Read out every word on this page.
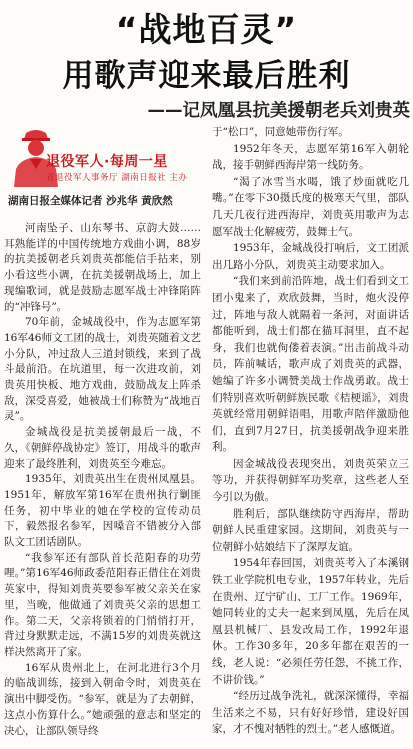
“战地百灵”
用歌声迎来最后胜利
——记凤凰县抗美援朝老兵刘贵英
退役军人·每周一星
省退役军人事务厅 湖南日报社 主办
湖南日报全媒体记者 沙兆华 黄欣然

河南坠子、山东琴书、京韵大鼓……耳熟能详的中国传统地方戏曲小调，88岁的抗美援朝老兵刘贵英都能信手拈来，别小看这些小调，在抗美援朝战场上，加上现编歌词，就是鼓励志愿军战士冲锋陷阵的“冲锋号”。

70年前，金城战役中，作为志愿军第16军46师文工团的战士，刘贵英随着文艺小分队，冲过敌人三道封锁线，来到了战斗最前沿。在坑道里，每一次进攻前，刘贵英用快板、地方戏曲，鼓励战友上阵杀敌，深受喜爱，她被战士们称赞为“战地百灵”。

金城战役是抗美援朝最后一战，不久，《朝鲜停战协定》签订，用战斗的歌声迎来了最终胜利，刘贵英至今难忘。

1935年，刘贵英出生在贵州凤凰县。1951年，解放军第16军在贵州执行剿匪任务，初中毕业的她在学校的宣传动员下，毅然报名参军，因嗓音不错被分入部队文工团话剧队。

“我参军还有部队首长范阳春的功劳哩。”第16军46师政委范阳春正借住在刘贵英家中，得知刘贵英要参军被父亲关在家里，当晚，他做通了刘贵英父亲的思想工作。第二天，父亲将锁着的门悄悄打开，背过身默默走远，不满15岁的刘贵英就这样决然离开了家。

16军从贵州北上，在河北进行3个月的临战训练，接到入朝命令时，刘贵英在演出中脚受伤。“参军，就是为了去朝鲜，这点小伤算什么。”她顽强的意志和坚定的决心，让部队领导终

于“松口”，同意她带伤行军。

1952年冬天，志愿军第16军入朝轮战，接手朝鲜西海岸第一线防务。

“渴了冰雪当水喝，饿了炒面就吃几嘴。”在零下30摄氏度的极寒天气里，部队几天几夜行进西海岸，刘贵英用歌声为志愿军战士化解疲劳，鼓舞士气。

1953年，金城战役打响后，文工团派出几路小分队，刘贵英主动要求加入。

“我们来到前沿阵地，战士们看到文工团小鬼来了，欢欣鼓舞，当时，炮火没停过，阵地与敌人就隔着一条河，对面讲话都能听到，战士们都在猫耳洞里，直不起身，我们也就佝偻着表演。”出击前战斗动员，阵前喊话，歌声成了刘贵英的武器，她编了许多小调赞美战士作战勇敢。战士们特别喜欢听朝鲜族民歌《桔梗谣》，刘贵英就经常用朝鲜语唱，用歌声陪伴激励他们，直到7月27日，抗美援朝战争迎来胜利。

因金城战役表现突出，刘贵英荣立三等功，并获得朝鲜军功奖章，这些老人至今引以为傲。

胜利后，部队继续防守西海岸，帮助朝鲜人民重建家园。这期间，刘贵英与一位朝鲜小姑娘结下了深厚友谊。

1954年春回国，刘贵英考入了本溪钢铁工业学院机电专业，1957年转业，先后在贵州、辽宁矿山、工厂工作。1969年，她同转业的丈夫一起来到凤凰，先后在凤凰县机械厂、县发改局工作，1992年退休。工作30多年，20多年都在艰苦的一线，老人说：“必须任劳任怨，不挑工作，不讲价钱。”

“经历过战争洗礼，就深深懂得，幸福生活来之不易，只有好好珍惜，建设好国家，才不愧对牺牲的烈士。”老人感慨道。
